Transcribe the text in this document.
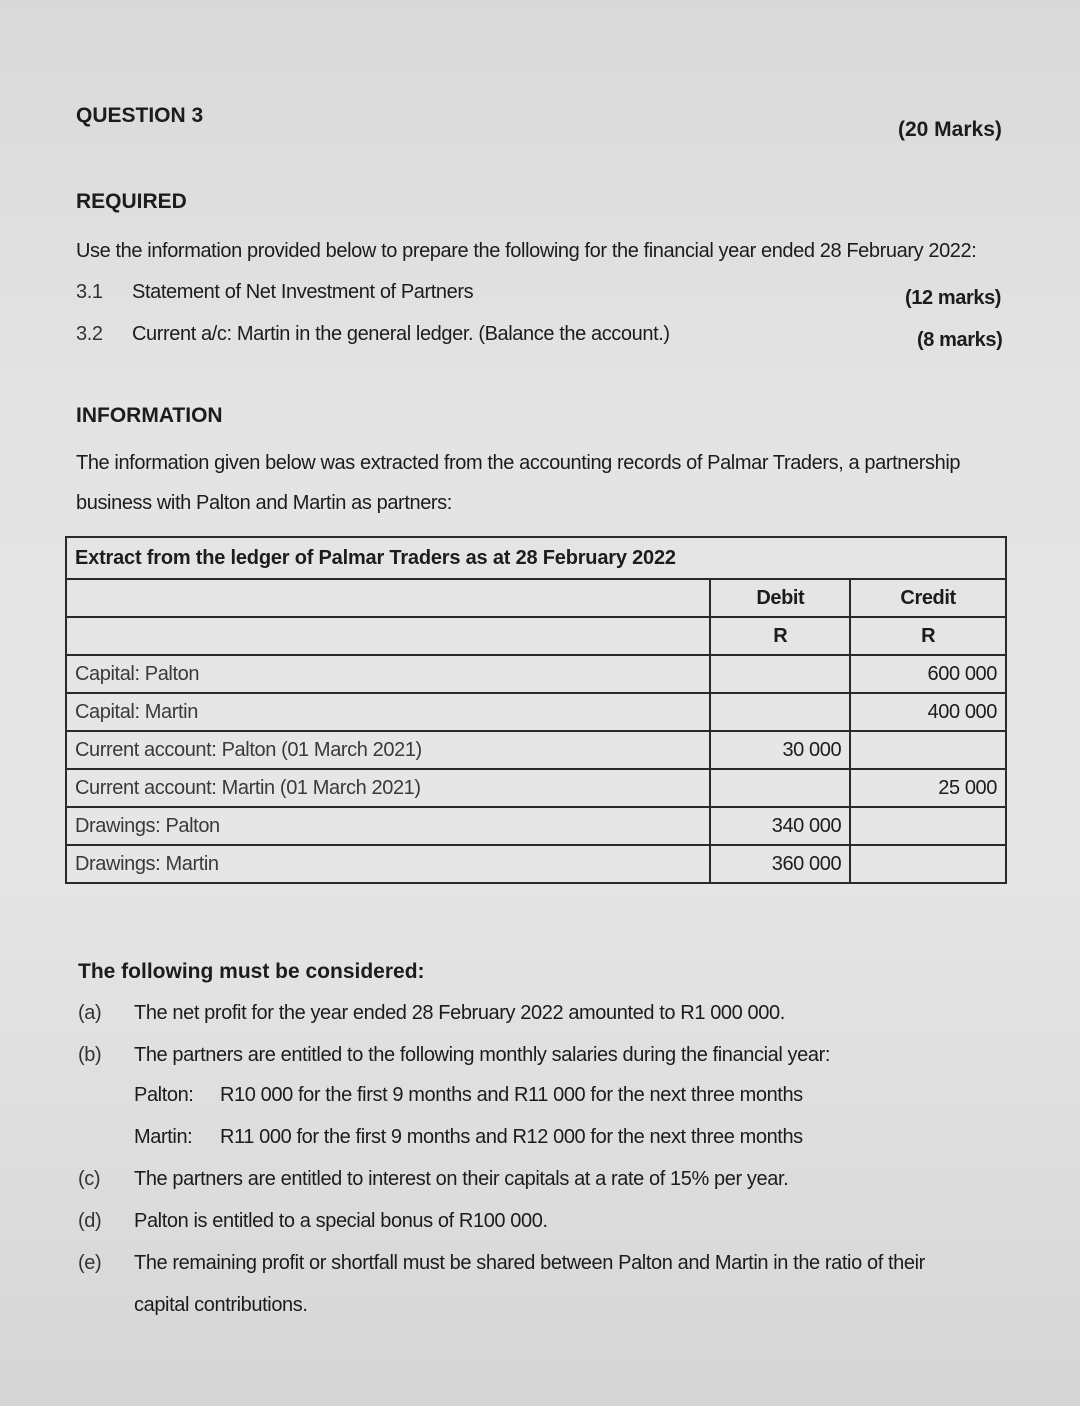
QUESTION 3
(20 Marks)
REQUIRED
Use the information provided below to prepare the following for the financial year ended 28 February 2022:
3.1 Statement of Net Investment of Partners	(12 marks)
3.2 Current a/c: Martin in the general ledger. (Balance the account.)	(8 marks)
INFORMATION
The information given below was extracted from the accounting records of Palmar Traders, a partnership
business with Palton and Martin as partners:
Extract from the ledger of Palmar Traders as at 28 February 2022		
	Debit	Credit
	R	R
Capital: Palton		600 000
Capital: Martin		400 000
Current account: Palton (01 March 2021)	30 000	
Current account: Martin (01 March 2021)		25 000
Drawings: Palton	340 000	
Drawings: Martin	360 000	
The following must be considered:
(a) The net profit for the year ended 28 February 2022 amounted to R1 000 000.
(b) The partners are entitled to the following monthly salaries during the financial year:
Palton: R10 000 for the first 9 months and R11 000 for the next three months
Martin: R11 000 for the first 9 months and R12 000 for the next three months
(c) The partners are entitled to interest on their capitals at a rate of 15% per year.
(d) Palton is entitled to a special bonus of R100 000.
(e) The remaining profit or shortfall must be shared between Palton and Martin in the ratio of their
capital contributions.
